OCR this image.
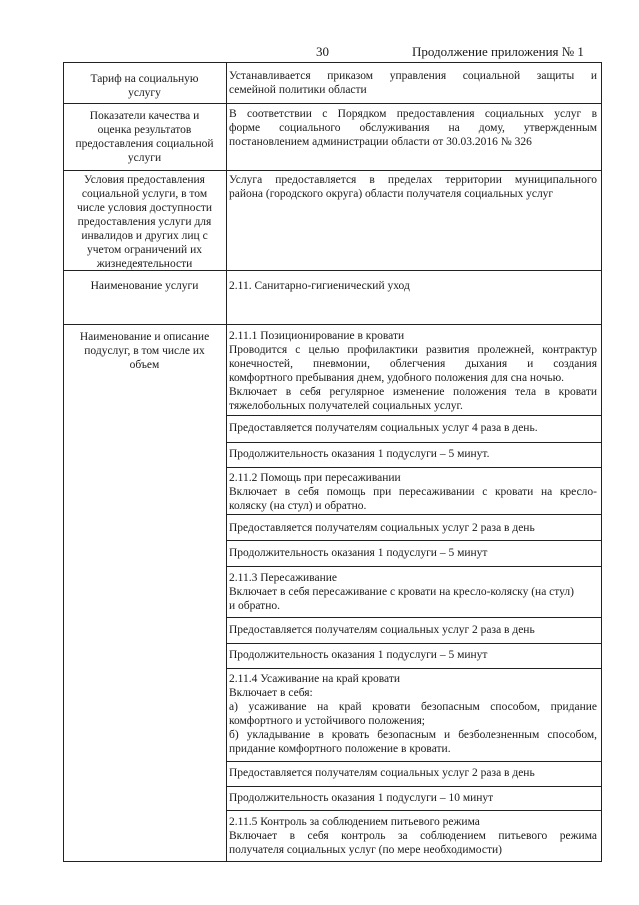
30	Продолжение приложения № 1
Тариф на социальную
услугу
Устанавливается приказом управления социальной защиты и
семейной политики области
Показатели качества и
оценка результатов
предоставления социальной
услуги
В соответствии с Порядком предоставления социальных услуг в
форме социального обслуживания на дому, утвержденным
постановлением администрации области от 30.03.2016 № 326
Условия предоставления
социальной услуги, в том
числе условия доступности
предоставления услуги для
инвалидов и других лиц с
учетом ограничений их
жизнедеятельности
Услуга предоставляется в пределах территории муниципального
района (городского округа) области получателя социальных услуг
Наименование услуги	2.11. Санитарно-гигиенический уход
Наименование и описание
подуслуг, в том числе их
объем
2.11.1 Позиционирование в кровати
Проводится с целью профилактики развития пролежней, контрактур
конечностей, пневмонии, облегчения дыхания и создания
комфортного пребывания днем, удобного положения для сна ночью.
Включает в себя регулярное изменение положения тела в кровати
тяжелобольных получателей социальных услуг.
Предоставляется получателям социальных услуг 4 раза в день.
Продолжительность оказания 1 подуслуги – 5 минут.
2.11.2 Помощь при пересаживании
Включает в себя помощь при пересаживании с кровати на кресло-
коляску (на стул) и обратно.
Предоставляется получателям социальных услуг 2 раза в день
Продолжительность оказания 1 подуслуги – 5 минут
2.11.3 Пересаживание
Включает в себя пересаживание с кровати на кресло-коляску (на стул)
и обратно.
Предоставляется получателям социальных услуг 2 раза в день
Продолжительность оказания 1 подуслуги – 5 минут
2.11.4 Усаживание на край кровати
Включает в себя:
а) усаживание на край кровати безопасным способом, придание
комфортного и устойчивого положения;
б) укладывание в кровать безопасным и безболезненным способом,
придание комфортного положение в кровати.
Предоставляется получателям социальных услуг 2 раза в день
Продолжительность оказания 1 подуслуги – 10 минут
2.11.5 Контроль за соблюдением питьевого режима
Включает в себя контроль за соблюдением питьевого режима
получателя социальных услуг (по мере необходимости)
